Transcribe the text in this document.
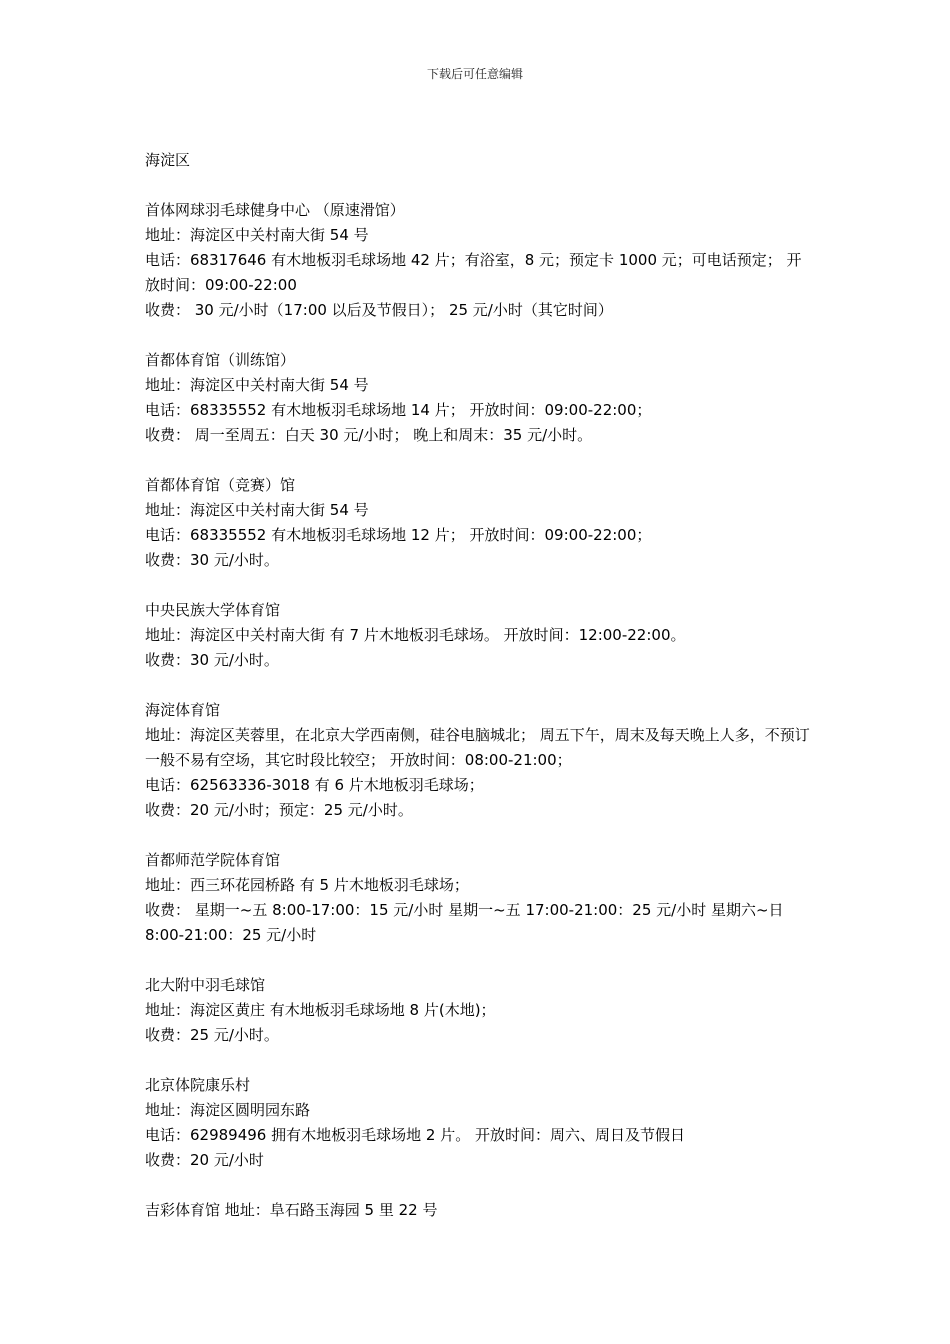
下载后可任意编辑

海淀区

首体网球羽毛球健身中心 （原速滑馆）

地址：海淀区中关村南大街 54 号

电话：68317646 有木地板羽毛球场地 42 片；有浴室，8 元；预定卡 1000 元；可电话预定； 开放时间：09:00-22:00

收费： 30 元/小时（17:00 以后及节假日）； 25 元/小时（其它时间）

首都体育馆（训练馆）

地址：海淀区中关村南大街 54 号

电话：68335552 有木地板羽毛球场地 14 片； 开放时间：09:00-22:00；

收费： 周一至周五：白天 30 元/小时； 晚上和周末：35 元/小时。

首都体育馆（竞赛）馆

地址：海淀区中关村南大街 54 号

电话：68335552 有木地板羽毛球场地 12 片； 开放时间：09:00-22:00；

收费：30 元/小时。

中央民族大学体育馆

地址：海淀区中关村南大街 有 7 片木地板羽毛球场。 开放时间：12:00-22:00。

收费：30 元/小时。

海淀体育馆

地址：海淀区芙蓉里，在北京大学西南侧，硅谷电脑城北； 周五下午，周末及每天晚上人多，不预订一般不易有空场，其它时段比较空； 开放时间：08:00-21:00；

电话：62563336-3018 有 6 片木地板羽毛球场；

收费：20 元/小时；预定：25 元/小时。

首都师范学院体育馆

地址：西三环花园桥路 有 5 片木地板羽毛球场；

收费： 星期一~五 8:00-17:00：15 元/小时 星期一~五 17:00-21:00：25 元/小时 星期六~日 8:00-21:00：25 元/小时

北大附中羽毛球馆

地址：海淀区黄庄 有木地板羽毛球场地 8 片(木地)；

收费：25 元/小时。

北京体院康乐村

地址：海淀区圆明园东路

电话：62989496 拥有木地板羽毛球场地 2 片。 开放时间：周六、周日及节假日

收费：20 元/小时

吉彩体育馆 地址：阜石路玉海园 5 里 22 号
